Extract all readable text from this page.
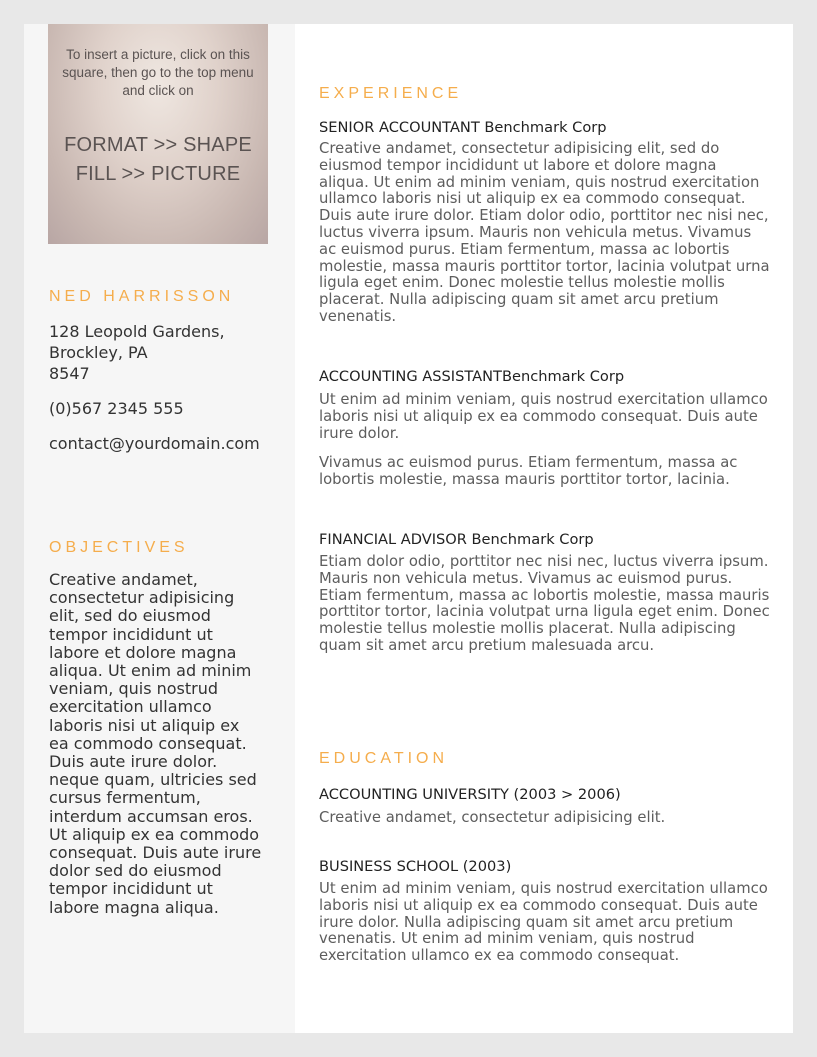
To insert a picture, click on this square, then go to the top menu and click on
FORMAT >> SHAPE FILL >> PICTURE
NED HARRISSON
128 Leopold Gardens,
Brockley, PA
8547
(0)567 2345 555
contact@yourdomain.com
OBJECTIVES

Creative andamet, consectetur adipisicing elit, sed do eiusmod tempor incididunt ut labore et dolore magna aliqua. Ut enim ad minim veniam, quis nostrud exercitation ullamco laboris nisi ut aliquip ex ea commodo consequat. Duis aute irure dolor.

neque quam, ultricies sed cursus fermentum, interdum accumsan eros.

Ut aliquip ex ea commodo consequat. Duis aute irure dolor sed do eiusmod tempor incididunt ut labore magna aliqua.

EXPERIENCE
SENIOR ACCOUNTANT Benchmark Corp

Creative andamet, consectetur adipisicing elit, sed do eiusmod tempor incididunt ut labore et dolore magna aliqua. Ut enim ad minim veniam, quis nostrud exercitation ullamco laboris nisi ut aliquip ex ea commodo consequat. Duis aute irure dolor. Etiam dolor odio, porttitor nec nisi nec, luctus viverra ipsum. Mauris non vehicula metus. Vivamus ac euismod purus. Etiam fermentum, massa ac lobortis molestie, massa mauris porttitor tortor, lacinia volutpat urna ligula eget enim. Donec molestie tellus molestie mollis placerat. Nulla adipiscing quam sit amet arcu pretium venenatis.

ACCOUNTING ASSISTANTBenchmark Corp

Ut enim ad minim veniam, quis nostrud exercitation ullamco laboris nisi ut aliquip ex ea commodo consequat. Duis aute irure dolor.

Vivamus ac euismod purus. Etiam fermentum, massa ac lobortis molestie, massa mauris porttitor tortor, lacinia.

FINANCIAL ADVISOR Benchmark Corp

Etiam dolor odio, porttitor nec nisi nec, luctus viverra ipsum. Mauris non vehicula metus. Vivamus ac euismod purus. Etiam fermentum, massa ac lobortis molestie, massa mauris porttitor tortor, lacinia volutpat urna ligula eget enim. Donec molestie tellus molestie mollis placerat. Nulla adipiscing quam sit amet arcu pretium malesuada arcu.

EDUCATION
ACCOUNTING UNIVERSITY (2003 > 2006)

Creative andamet, consectetur adipisicing elit.

BUSINESS SCHOOL (2003)

Ut enim ad minim veniam, quis nostrud exercitation ullamco laboris nisi ut aliquip ex ea commodo consequat. Duis aute irure dolor. Nulla adipiscing quam sit amet arcu pretium venenatis. Ut enim ad minim veniam, quis nostrud exercitation ullamco ex ea commodo consequat.
